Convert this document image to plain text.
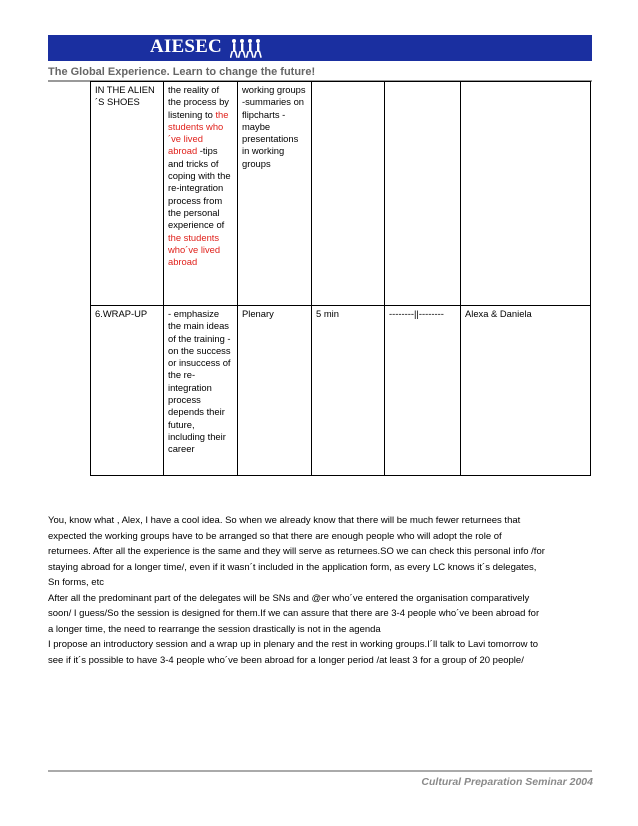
AIESEC
The Global Experience. Learn to change the future!
IN THE ALIEN´S SHOES	the reality of the process by listening to the students who´ve lived abroad -tips and tricks of coping with the re-integration process from the personal experience of the students who´ve lived abroad	working groups -summaries on flipcharts -maybe presentations in working groups			
6.WRAP-UP	- emphasize the main ideas of the training -on the success or insuccess of the re-integration process depends their future, including their career	Plenary	5 min	--------||--------	Alexa & Daniela

You, know what , Alex, I have a cool idea. So when we already know that there will be much fewer returnees that

expected the working groups have to be arranged so that there are enough people who will adopt the role of

returnees. After all the experience is the same and they will serve as returnees.SO we can check this personal info /for

staying abroad for a longer time/, even if it wasn´t included in the application form, as every LC knows it´s delegates,

Sn forms, etc

After all the predominant part of the delegates will be SNs and @er who´ve entered the organisation comparatively

soon/ I guess/So the session is designed for them.If we can assure that there are 3-4 people who´ve been abroad for

a longer time, the need to rearrange the session drastically is not in the agenda

I propose an introductory session and a wrap up in plenary and the rest in working groups.I´ll talk to Lavi tomorrow to

see if it´s possible to have 3-4 people who´ve been abroad for a longer period /at least 3 for a group of 20 people/

Cultural Preparation Seminar 2004
